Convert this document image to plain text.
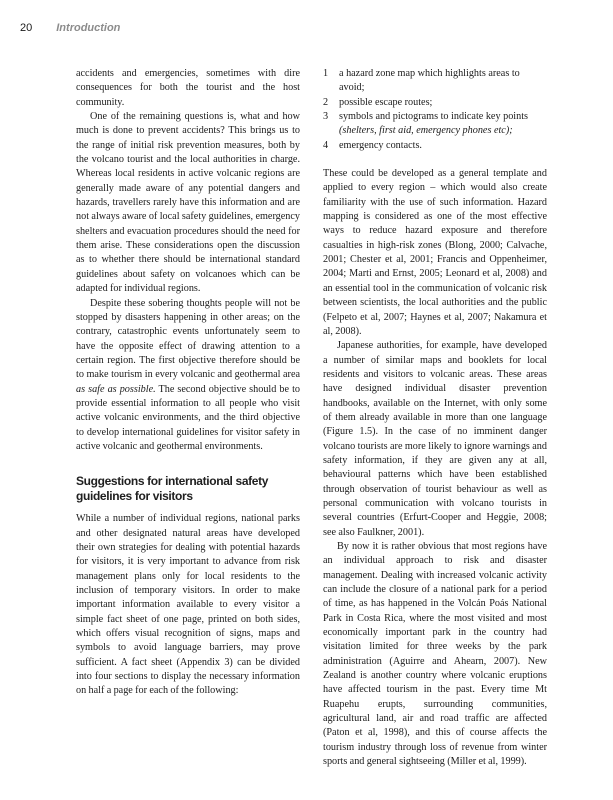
20 Introduction

accidents and emergencies, sometimes with dire consequences for both the tourist and the host community.

One of the remaining questions is, what and how much is done to prevent accidents? This brings us to the range of initial risk prevention measures, both by the volcano tourist and the local authorities in charge. Whereas local residents in active volcanic regions are generally made aware of any potential dangers and hazards, travellers rarely have this information and are not always aware of local safety guidelines, emergency shelters and evacuation procedures should the need for them arise. These considerations open the discussion as to whether there should be international standard guidelines about safety on volcanoes which can be adapted for individual regions.

Despite these sobering thoughts people will not be stopped by disasters happening in other areas; on the contrary, catastrophic events unfortunately seem to have the opposite effect of drawing attention to a certain region. The first objective therefore should be to make tourism in every volcanic and geothermal area as safe as possible. The second objective should be to provide essential information to all people who visit active volcanic environments, and the third objective to develop international guidelines for visitor safety in active volcanic and geothermal environments.

Suggestions for international safety guidelines for visitors

While a number of individual regions, national parks and other designated natural areas have developed their own strategies for dealing with potential hazards for visitors, it is very important to advance from risk management plans only for local residents to the inclusion of temporary visitors. In order to make important information available to every visitor a simple fact sheet of one page, printed on both sides, which offers visual recognition of signs, maps and symbols to avoid language barriers, may prove sufficient. A fact sheet (Appendix 3) can be divided into four sections to display the necessary information on half a page for each of the following:

1	a hazard zone map which highlights areas to avoid;
2	possible escape routes;
3	symbols and pictograms to indicate key points (shelters, first aid, emergency phones etc);
4	emergency contacts.

These could be developed as a general template and applied to every region – which would also create familiarity with the use of such information. Hazard mapping is considered as one of the most effective ways to reduce hazard exposure and therefore casualties in high-risk zones (Blong, 2000; Calvache, 2001; Chester et al, 2001; Francis and Oppenheimer, 2004; Marti and Ernst, 2005; Leonard et al, 2008) and an essential tool in the communication of volcanic risk between scientists, the local authorities and the public (Felpeto et al, 2007; Haynes et al, 2007; Nakamura et al, 2008).

Japanese authorities, for example, have developed a number of similar maps and booklets for local residents and visitors to volcanic areas. These areas have designed individual disaster prevention handbooks, available on the Internet, with only some of them already available in more than one language (Figure 1.5). In the case of no imminent danger volcano tourists are more likely to ignore warnings and safety information, if they are given any at all, behavioural patterns which have been established through observation of tourist behaviour as well as personal communication with volcano tourists in several countries (Erfurt-Cooper and Heggie, 2008; see also Faulkner, 2001).

By now it is rather obvious that most regions have an individual approach to risk and disaster management. Dealing with increased volcanic activity can include the closure of a national park for a period of time, as has happened in the Volcán Poás National Park in Costa Rica, where the most visited and most economically important park in the country had visitation limited for three weeks by the park administration (Aguirre and Ahearn, 2007). New Zealand is another country where volcanic eruptions have affected tourism in the past. Every time Mt Ruapehu erupts, surrounding communities, agricultural land, air and road traffic are affected (Paton et al, 1998), and this of course affects the tourism industry through loss of revenue from winter sports and general sightseeing (Miller et al, 1999).
